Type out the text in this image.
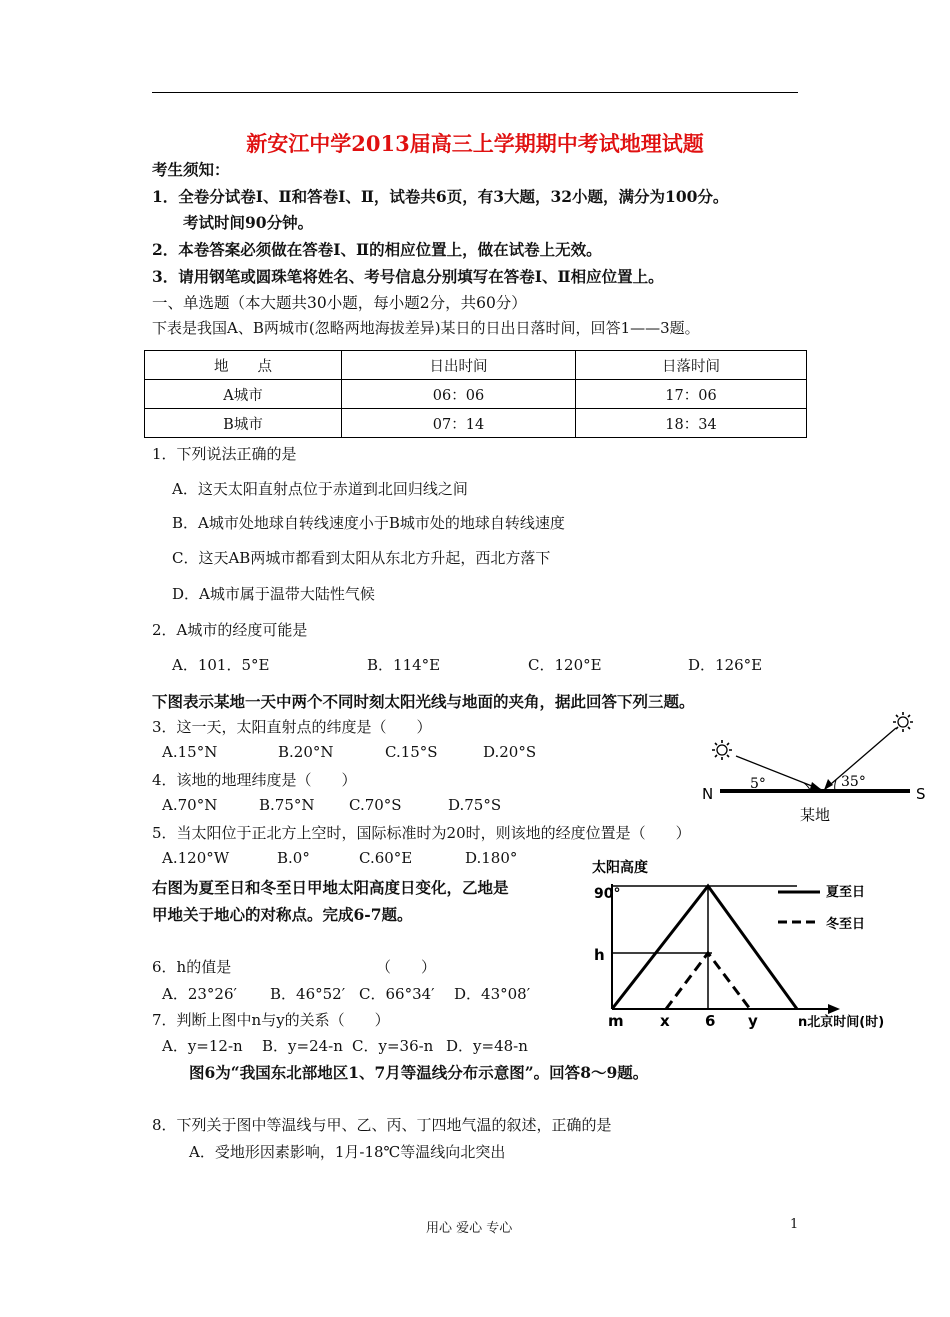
新安江中学2013届高三上学期期中考试地理试题
考生须知：
1．全卷分试卷Ⅰ、Ⅱ和答卷Ⅰ、Ⅱ，试卷共6页，有3大题，32小题，满分为100分。
考试时间90分钟。
2．本卷答案必须做在答卷Ⅰ、Ⅱ的相应位置上，做在试卷上无效。
3．请用钢笔或圆珠笔将姓名、考号信息分别填写在答卷Ⅰ、Ⅱ相应位置上。
一、单选题（本大题共30小题，每小题2分，共60分）
下表是我国A、B两城市(忽略两地海拔差异)某日的日出日落时间，回答1——3题。
地　　点	日出时间	日落时间
A城市	06：06	17：06
B城市	07：14	18：34
1．下列说法正确的是
A．这天太阳直射点位于赤道到北回归线之间
B．A城市处地球自转线速度小于B城市处的地球自转线速度
C．这天AB两城市都看到太阳从东北方升起，西北方落下
D．A城市属于温带大陆性气候
2．A城市的经度可能是
A．101．5°E	B．114°E	C．120°E	D．126°E
下图表示某地一天中两个不同时刻太阳光线与地面的夹角，据此回答下列三题。
3．这一天，太阳直射点的纬度是（　　）
A.15°N	B.20°N	C.15°S	D.20°S
4．该地的地理纬度是（　　）
A.70°N	B.75°N C.70°S	D.75°S
5．当太阳位于正北方上空时，国际标准时为20时，则该地的经度位置是（　　）
A.120°W	B.0°	C.60°E	D.180°
5°	35°
N	S
某地
右图为夏至日和冬至日甲地太阳高度日变化，乙地是
甲地关于地心的对称点。完成6-7题。
6．h的值是	（　　）
A．23°26′ B．46°52′ C．66°34′ D．43°08′
7．判断上图中n与y的关系（　　）
A．y=12-n B．y=24-n C．y=36-n D．y=48-n
太阳高度
90°
h
m x 6 y	n北京时间(时)
夏至日
冬至日
图6为“我国东北部地区1、7月等温线分布示意图”。回答8～9题。
8．下列关于图中等温线与甲、乙、丙、丁四地气温的叙述，正确的是
A．受地形因素影响，1月-18℃等温线向北突出
用心 爱心 专心	1
